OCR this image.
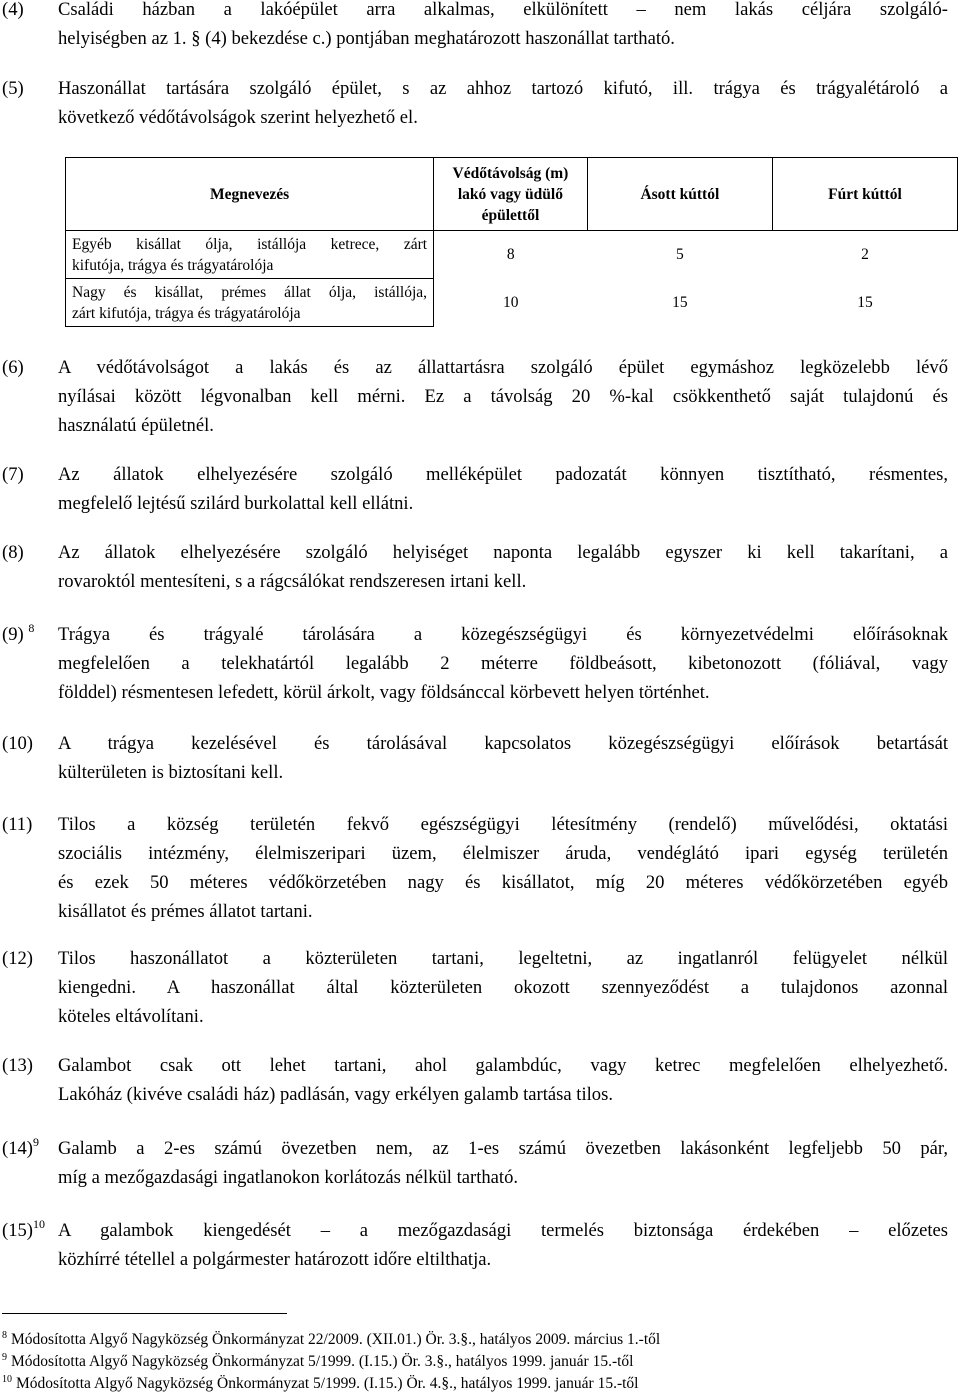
(4) Családi házban a lakóépület arra alkalmas, elkülönített – nem lakás céljára szolgáló-
helyiségben az 1. § (4) bekezdése c.) pontjában meghatározott haszonállat tartható.
(5) Haszonállat tartására szolgáló épület, s az ahhoz tartozó kifutó, ill. trágya és trágyalétároló a
következő védőtávolságok szerint helyezhető el.
Megnevezés	Védőtávolság (m) lakó vagy üdülő épülettől	Ásott kúttól	Fúrt kúttól

Egyéb kisállat ólja, istállója ketrece, zárt
kifutója, trágya és trágyatárolója	8	5	2

Nagy és kisállat, prémes állat ólja, istállója,
zárt kifutója, trágya és trágyatárolója	10	15	15
(6) A védőtávolságot a lakás és az állattartásra szolgáló épület egymáshoz legközelebb lévő
nyílásai között légvonalban kell mérni. Ez a távolság 20 %-kal csökkenthető saját tulajdonú és
használatú épületnél.
(7) Az állatok elhelyezésére szolgáló melléképület padozatát könnyen tisztítható, résmentes,
megfelelő lejtésű szilárd burkolattal kell ellátni.
(8) Az állatok elhelyezésére szolgáló helyiséget naponta legalább egyszer ki kell takarítani, a
rovaroktól mentesíteni, s a rágcsálókat rendszeresen irtani kell.
(9) $^8$ Trágya és trágyalé tárolására a közegészségügyi és környezetvédelmi előírásoknak
megfelelően a telekhatártól legalább 2 méterre földbeásott, kibetonozott (fóliával, vagy
földdel) résmentesen lefedett, körül árkolt, vagy földsánccal körbevett helyen történhet.
(10) A trágya kezelésével és tárolásával kapcsolatos közegészségügyi előírások betartását
külterületen is biztosítani kell.
(11) Tilos a község területén fekvő egészségügyi létesítmény (rendelő) művelődési, oktatási
szociális intézmény, élelmiszeripari üzem, élelmiszer áruda, vendéglátó ipari egység területén
és ezek 50 méteres védőkörzetében nagy és kisállatot, míg 20 méteres védőkörzetében egyéb
kisállatot és prémes állatot tartani.
(12) Tilos haszonállatot a közterületen tartani, legeltetni, az ingatlanról felügyelet nélkül
kiengedni. A haszonállat által közterületen okozott szennyeződést a tulajdonos azonnal
köteles eltávolítani.
(13) Galambot csak ott lehet tartani, ahol galambdúc, vagy ketrec megfelelően elhelyezhető.
Lakóház (kivéve családi ház) padlásán, vagy erkélyen galamb tartása tilos.
$(14)^9$ Galamb a 2-es számú övezetben nem, az 1-es számú övezetben lakásonként legfeljebb 50 pár,
míg a mezőgazdasági ingatlanokon korlátozás nélkül tartható.
$(15)^{10}$ A galambok kiengedését – a mezőgazdasági termelés biztonsága érdekében – előzetes
közhírré tétellel a polgármester határozott időre eltilthatja.
$^8$ Módosította Algyő Nagyközség Önkormányzat 22/2009. (XII.01.) Ör. 3.§., hatályos 2009. március 1.-től
$^9$ Módosította Algyő Nagyközség Önkormányzat 5/1999. (I.15.) Ör. 3.§., hatályos 1999. január 15.-től
$^{10}$ Módosította Algyő Nagyközség Önkormányzat 5/1999. (I.15.) Ör. 4.§., hatályos 1999. január 15.-től
